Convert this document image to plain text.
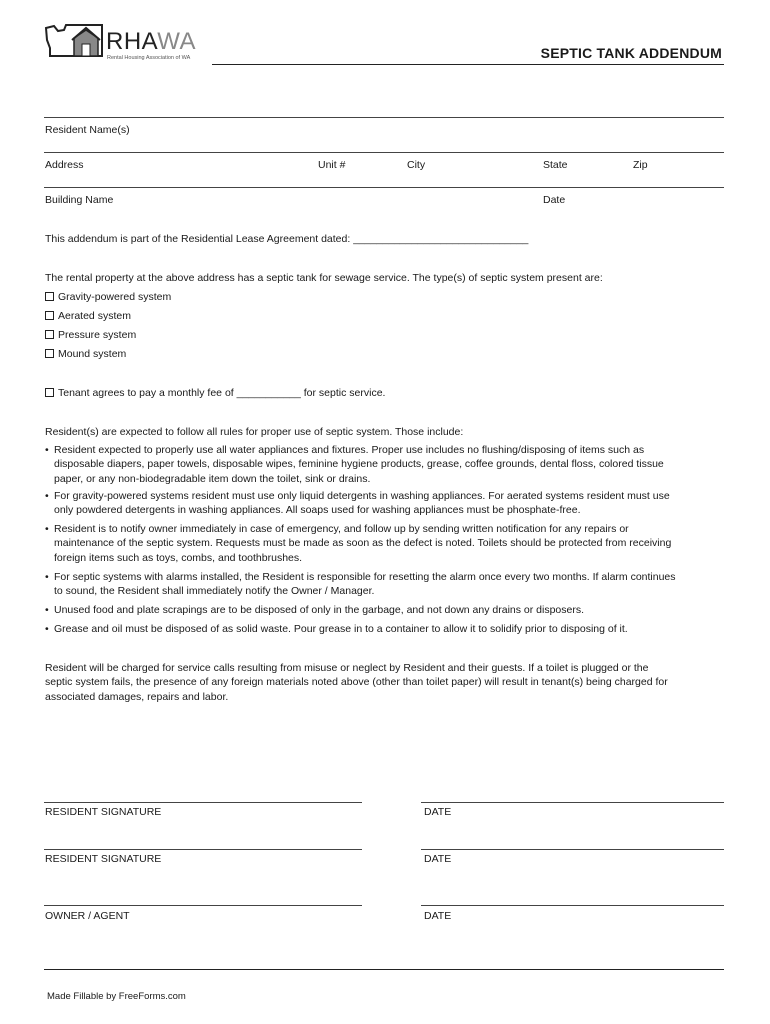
RHAWA
Rental Housing Association of WA	SEPTIC TANK ADDENDUM
Resident Name(s)
Address	Unit #	City	State	Zip
Building Name	Date
This addendum is part of the Residential Lease Agreement dated: ______________________________
The rental property at the above address has a septic tank for sewage service. The type(s) of septic system present are:
Gravity-powered system
Aerated system
Pressure system
Mound system
Tenant agrees to pay a monthly fee of ___________ for septic service.
Resident(s) are expected to follow all rules for proper use of septic system. Those include:
• Resident expected to properly use all water appliances and fixtures. Proper use includes no flushing/disposing of items such as
disposable diapers, paper towels, disposable wipes, feminine hygiene products, grease, coffee grounds, dental floss, colored tissue
paper, or any non-biodegradable item down the toilet, sink or drains.
• For gravity-powered systems resident must use only liquid detergents in washing appliances. For aerated systems resident must use
only powdered detergents in washing appliances. All soaps used for washing appliances must be phosphate-free.
• Resident is to notify owner immediately in case of emergency, and follow up by sending written notification for any repairs or
maintenance of the septic system. Requests must be made as soon as the defect is noted. Toilets should be protected from receiving
foreign items such as toys, combs, and toothbrushes.
• For septic systems with alarms installed, the Resident is responsible for resetting the alarm once every two months. If alarm continues
to sound, the Resident shall immediately notify the Owner / Manager.
• Unused food and plate scrapings are to be disposed of only in the garbage, and not down any drains or disposers.
• Grease and oil must be disposed of as solid waste. Pour grease in to a container to allow it to solidify prior to disposing of it.
Resident will be charged for service calls resulting from misuse or neglect by Resident and their guests. If a toilet is plugged or the
septic system fails, the presence of any foreign materials noted above (other than toilet paper) will result in tenant(s) being charged for
associated damages, repairs and labor.
RESIDENT SIGNATURE	DATE
RESIDENT SIGNATURE	DATE
OWNER / AGENT	DATE
Made Fillable by FreeForms.com
